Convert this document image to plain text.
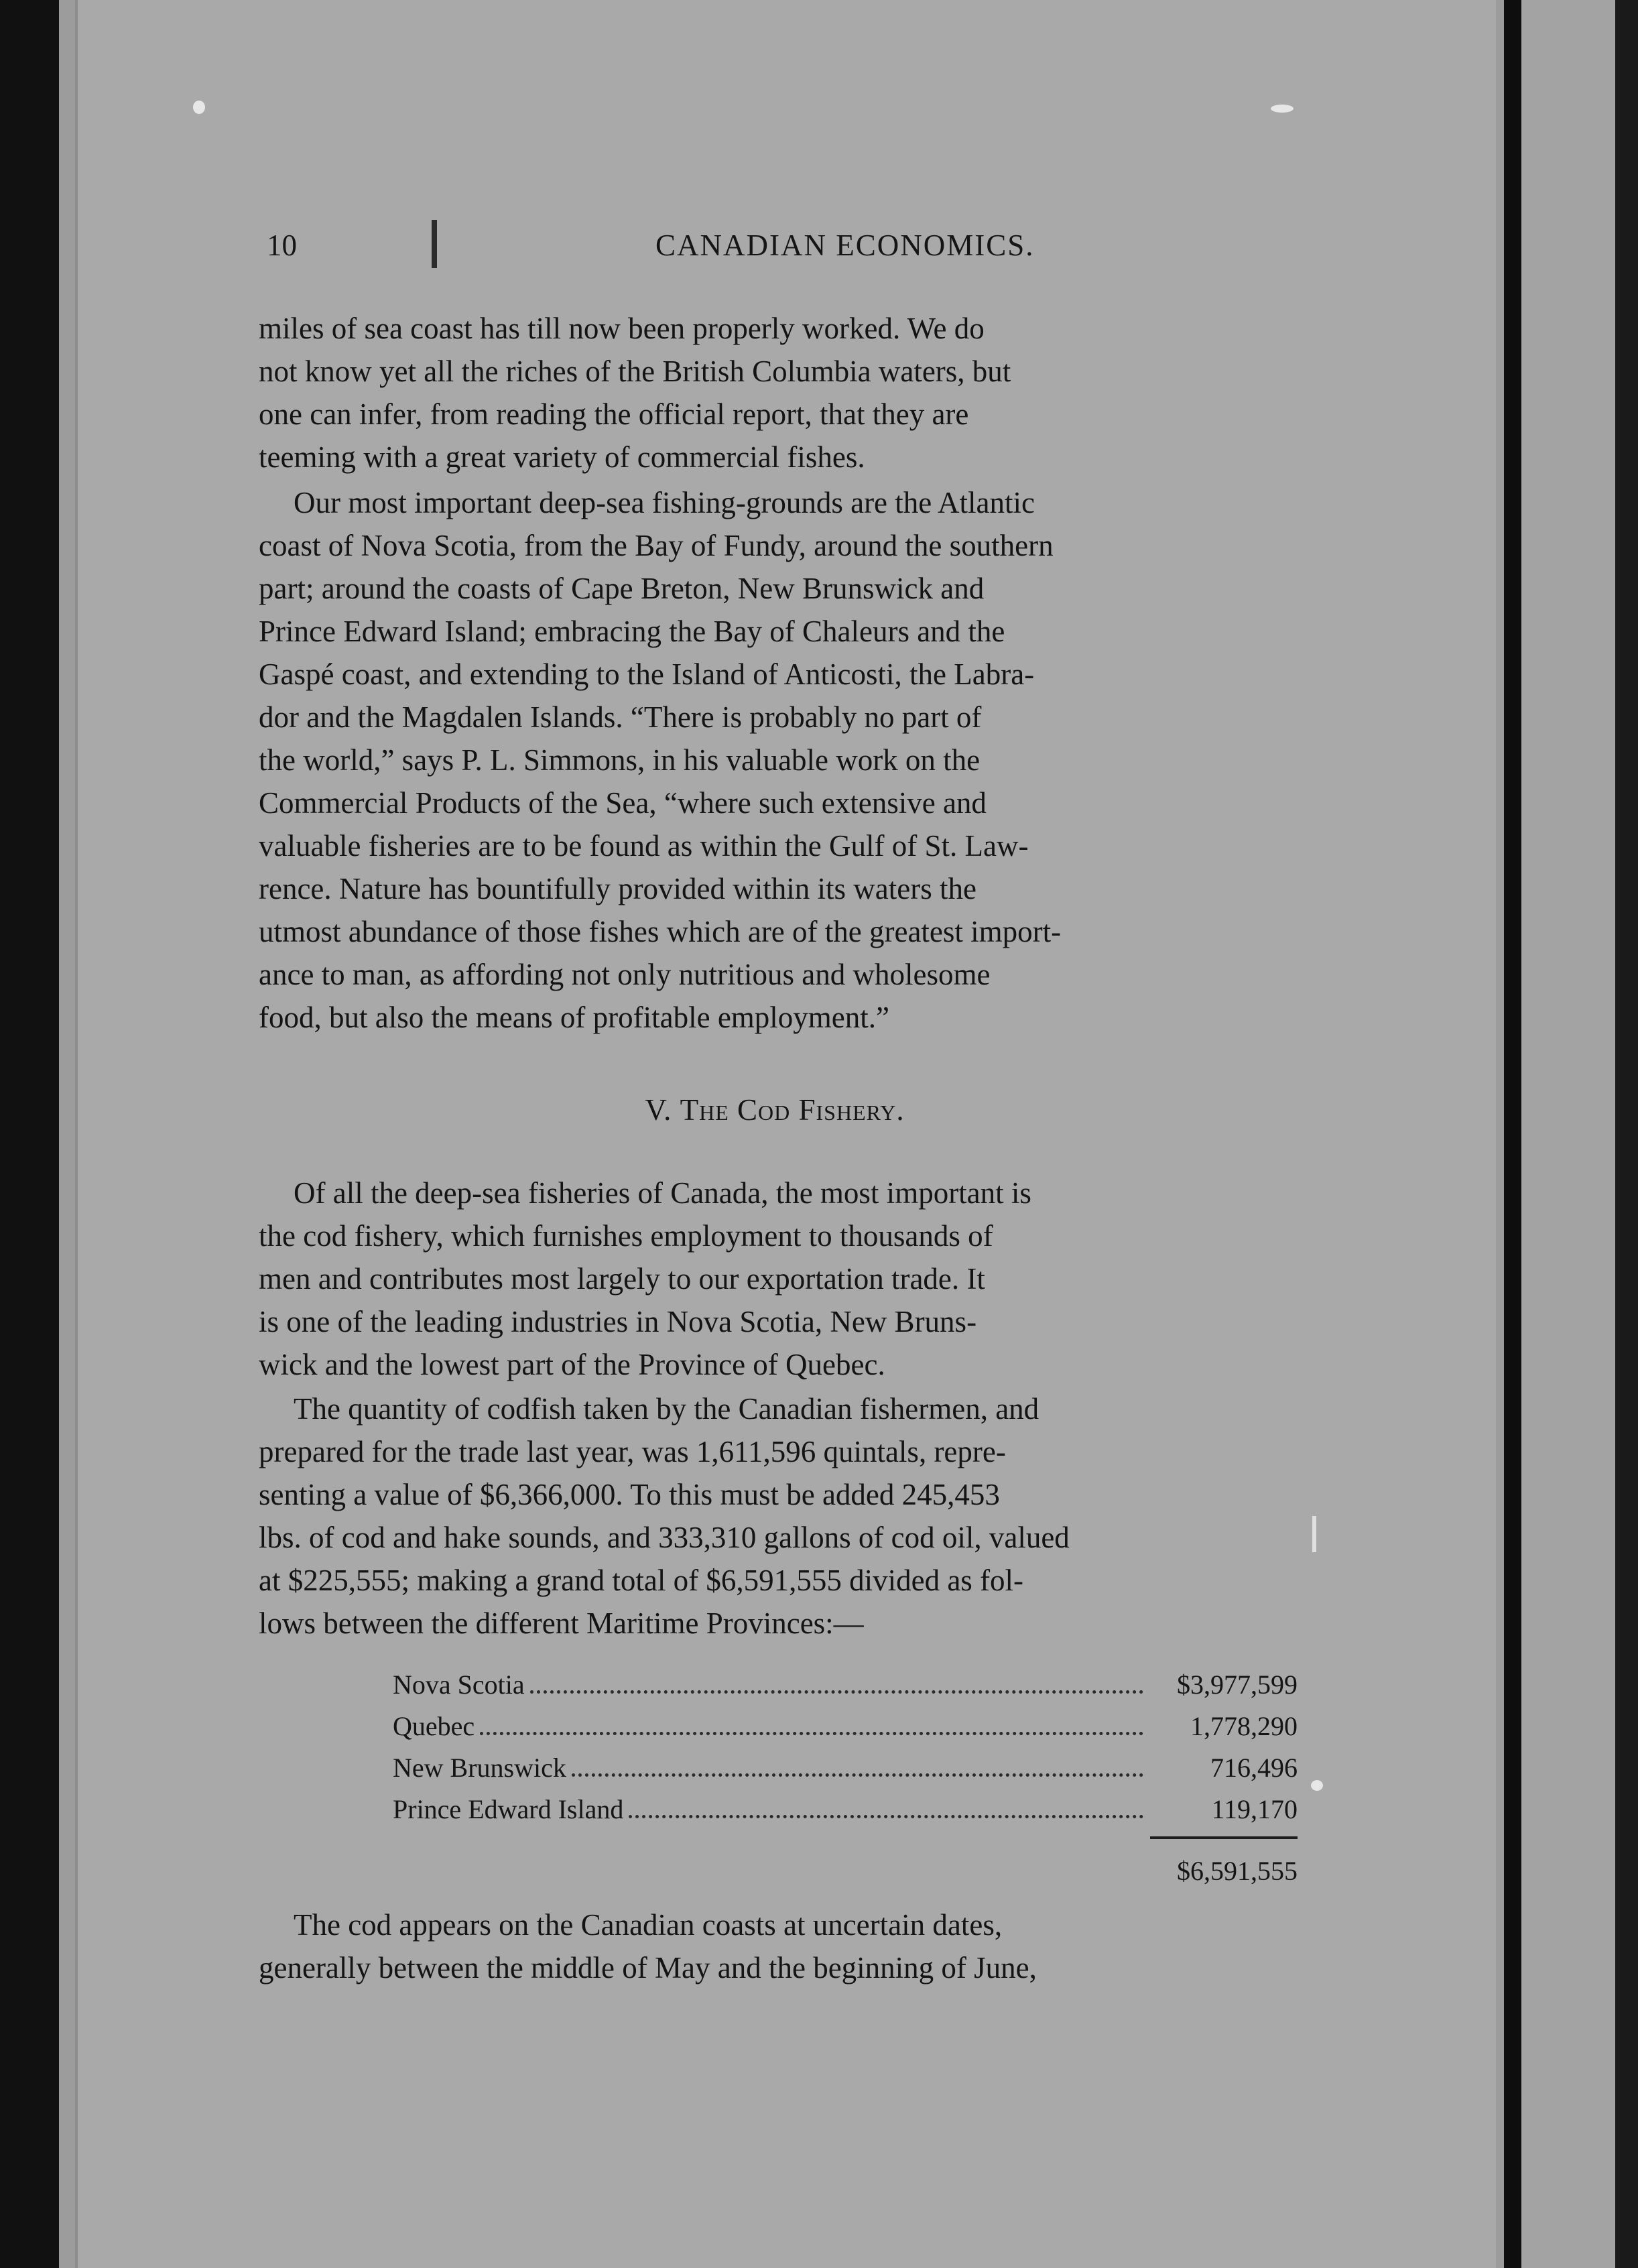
10	CANADIAN ECONOMICS.

miles of sea coast has till now been properly worked. We do

not know yet all the riches of the British Columbia waters, but

one can infer, from reading the official report, that they are

teeming with a great variety of commercial fishes.

Our most important deep-sea fishing-grounds are the Atlantic

coast of Nova Scotia, from the Bay of Fundy, around the southern

part; around the coasts of Cape Breton, New Brunswick and

Prince Edward Island; embracing the Bay of Chaleurs and the

Gaspé coast, and extending to the Island of Anticosti, the Labra-

dor and the Magdalen Islands. “There is probably no part of

the world,” says P. L. Simmons, in his valuable work on the

Commercial Products of the Sea, “where such extensive and

valuable fisheries are to be found as within the Gulf of St. Law-

rence. Nature has bountifully provided within its waters the

utmost abundance of those fishes which are of the greatest import-

ance to man, as affording not only nutritious and wholesome

food, but also the means of profitable employment.”

V. The Cod Fishery.

Of all the deep-sea fisheries of Canada, the most important is

the cod fishery, which furnishes employment to thousands of

men and contributes most largely to our exportation trade. It

is one of the leading industries in Nova Scotia, New Bruns-

wick and the lowest part of the Province of Quebec.

The quantity of codfish taken by the Canadian fishermen, and

prepared for the trade last year, was 1,611,596 quintals, repre-

senting a value of $6,366,000. To this must be added 245,453

lbs. of cod and hake sounds, and 333,310 gallons of cod oil, valued

at $225,555; making a grand total of $6,591,555 divided as fol-

lows between the different Maritime Provinces:—

Nova Scotia	$3,977,599
Quebec	1,778,290
New Brunswick	716,496
Prince Edward Island	119,170
$6,591,555

The cod appears on the Canadian coasts at uncertain dates,

generally between the middle of May and the beginning of June,
